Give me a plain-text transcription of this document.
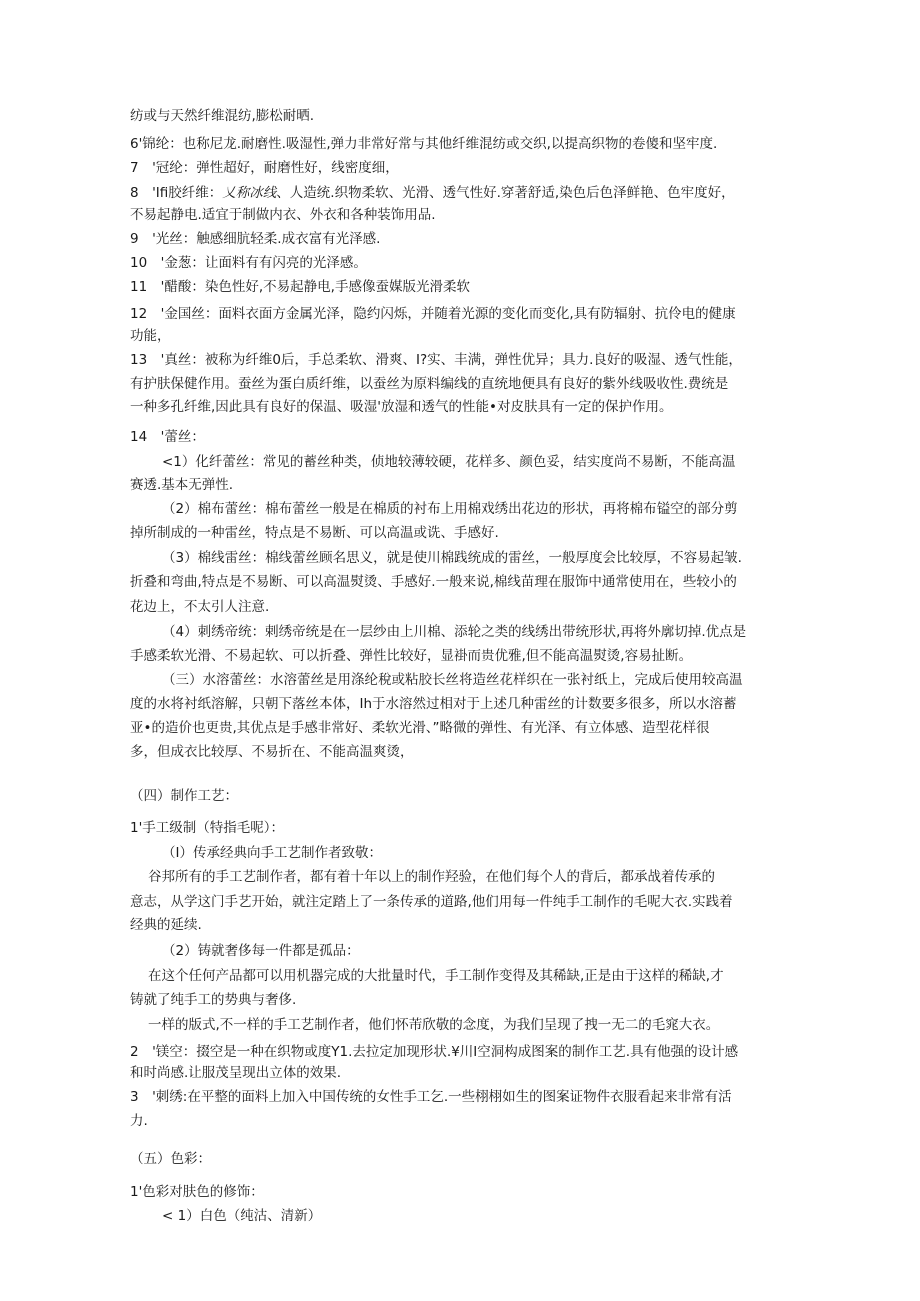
纺或与天然纤维混纺,膨松耐晒.
6'锦纶：也称尼龙.耐磨性.吸湿性,弹力非常好常与其他纤维混纺或交织,以提高织物的卷傻和坚牢度.
7　'冠纶：弹性超好，耐磨性好，线密度细，
8　'Ifi胶纤维：乂称冰线、人造统.织物柔软、光滑、透气性好.穿著舒适,染色后色泽鲜艳、色牢度好，
不易起静电.适宜于制做内衣、外衣和各种装饰用品.
9　'光丝：触感细肮轻柔.成衣富有光泽感.
10　'金葱：让面料有有闪亮的光泽感。
11　'醋酸：染色性好,不易起静电,手感像蚕媒版光滑柔软
12　'金国丝：面料衣面方金属光泽，隐约闪烁，并随着光源的变化而变化,具有防辐射、抗伶电的健康
功能，
13　'真丝：被称为纤维0后，手总柔软、滑爽、I?实、丰满，弹性优异；具力.良好的吸湿、透气性能，
有护肤保健作用。蚕丝为蛋白质纤维，以蚕丝为原料编线的直统地便具有良好的紫外线吸收性.费统是
一种多孔纤维,因此具有良好的保温、吸湿'放湿和透气的性能•对皮肤具有一定的保护作用。
14　'蕾丝：
<1）化纤蕾丝：常见的蓄丝种类，侦地较薄较硬，花样多、颜色妥，结实度尚不易断，不能高温
赛透.基本无弹性.
（2）棉布蕾丝：棉布蕾丝一般是在棉质的衬布上用棉戏绣出花边的形状，再将棉布镒空的部分剪
掉所制成的一种雷丝，特点是不易断、可以高温或诜、手感好.
（3）棉线雷丝：棉线蕾丝顾名思义，就是使川棉践统成的雷丝，一般厚度会比较厚，不容易起皱.
折叠和弯曲,特点是不易断、可以高温熨烫、手感好.一般来说,棉线苗理在服饰中通常使用在，些较小的
花边上，不太引人注意.
（4）刺绣帝统：剌绣帝统是在一层纱由上川棉、添轮之类的线绣出带统形状,再将外廓切掉.优点是
手感柔软光滑、不易起软、可以折叠、弹性比较好，显褂而贵优雅,但不能高温熨烫,容易扯断。
（三）水溶蕾丝：水溶蕾丝是用涤纶稅或粘胶长丝将造丝花样织在一张衬纸上，完成后使用较高温
度的水将衬纸溶解，只朝下落丝本体，Ih于水溶然过相对于上述几种雷丝的计数要多很多，所以水溶蓄
亚•的造价也更贵,其优点是手感非常好、柔软光滑、”略微的弹性、有光泽、有立体感、造型花样很
多，但成衣比较厚、不易折在、不能高温爽烫，
（四）制作工艺：
1'手工级制（特指毛呢）：
（I）传承经典向手工艺制作者致敬：
谷邦所有的手工艺制作者，都有着十年以上的制作羟验，在他们每个人的背后，都承战着传承的
意志，从学这门手艺开始，就注定踏上了一条传承的道路,他们用每一件纯手工制作的毛呢大衣.实践着
经典的延续.
（2）铸就奢侈每一件都是孤品：
在这个任何产品都可以用机器完成的大批量时代，手工制作变得及其稀缺,正是由于这样的稀缺,才
铸就了纯手工的势典与奢侈.
一样的版式,不一样的手工艺制作者，他们怀芾欣敬的念度，为我们呈现了拽一无二的毛窕大衣。
2　'镁空：掇空是一种在织物或度Y1.去拉定加现形状.¥川I空洞构成图案的制作工艺.具有他强的设计感
和时尚感.让服茂呈现出立体的效果.
3　'刺绣:在平整的面料上加入中国传统的女性手工乞.一些栩栩如生的图案证物件衣服看起来非常有活
力.
（五）色彩：
1'色彩对肤色的修饰：
< 1）白色（纯沽、清新）
